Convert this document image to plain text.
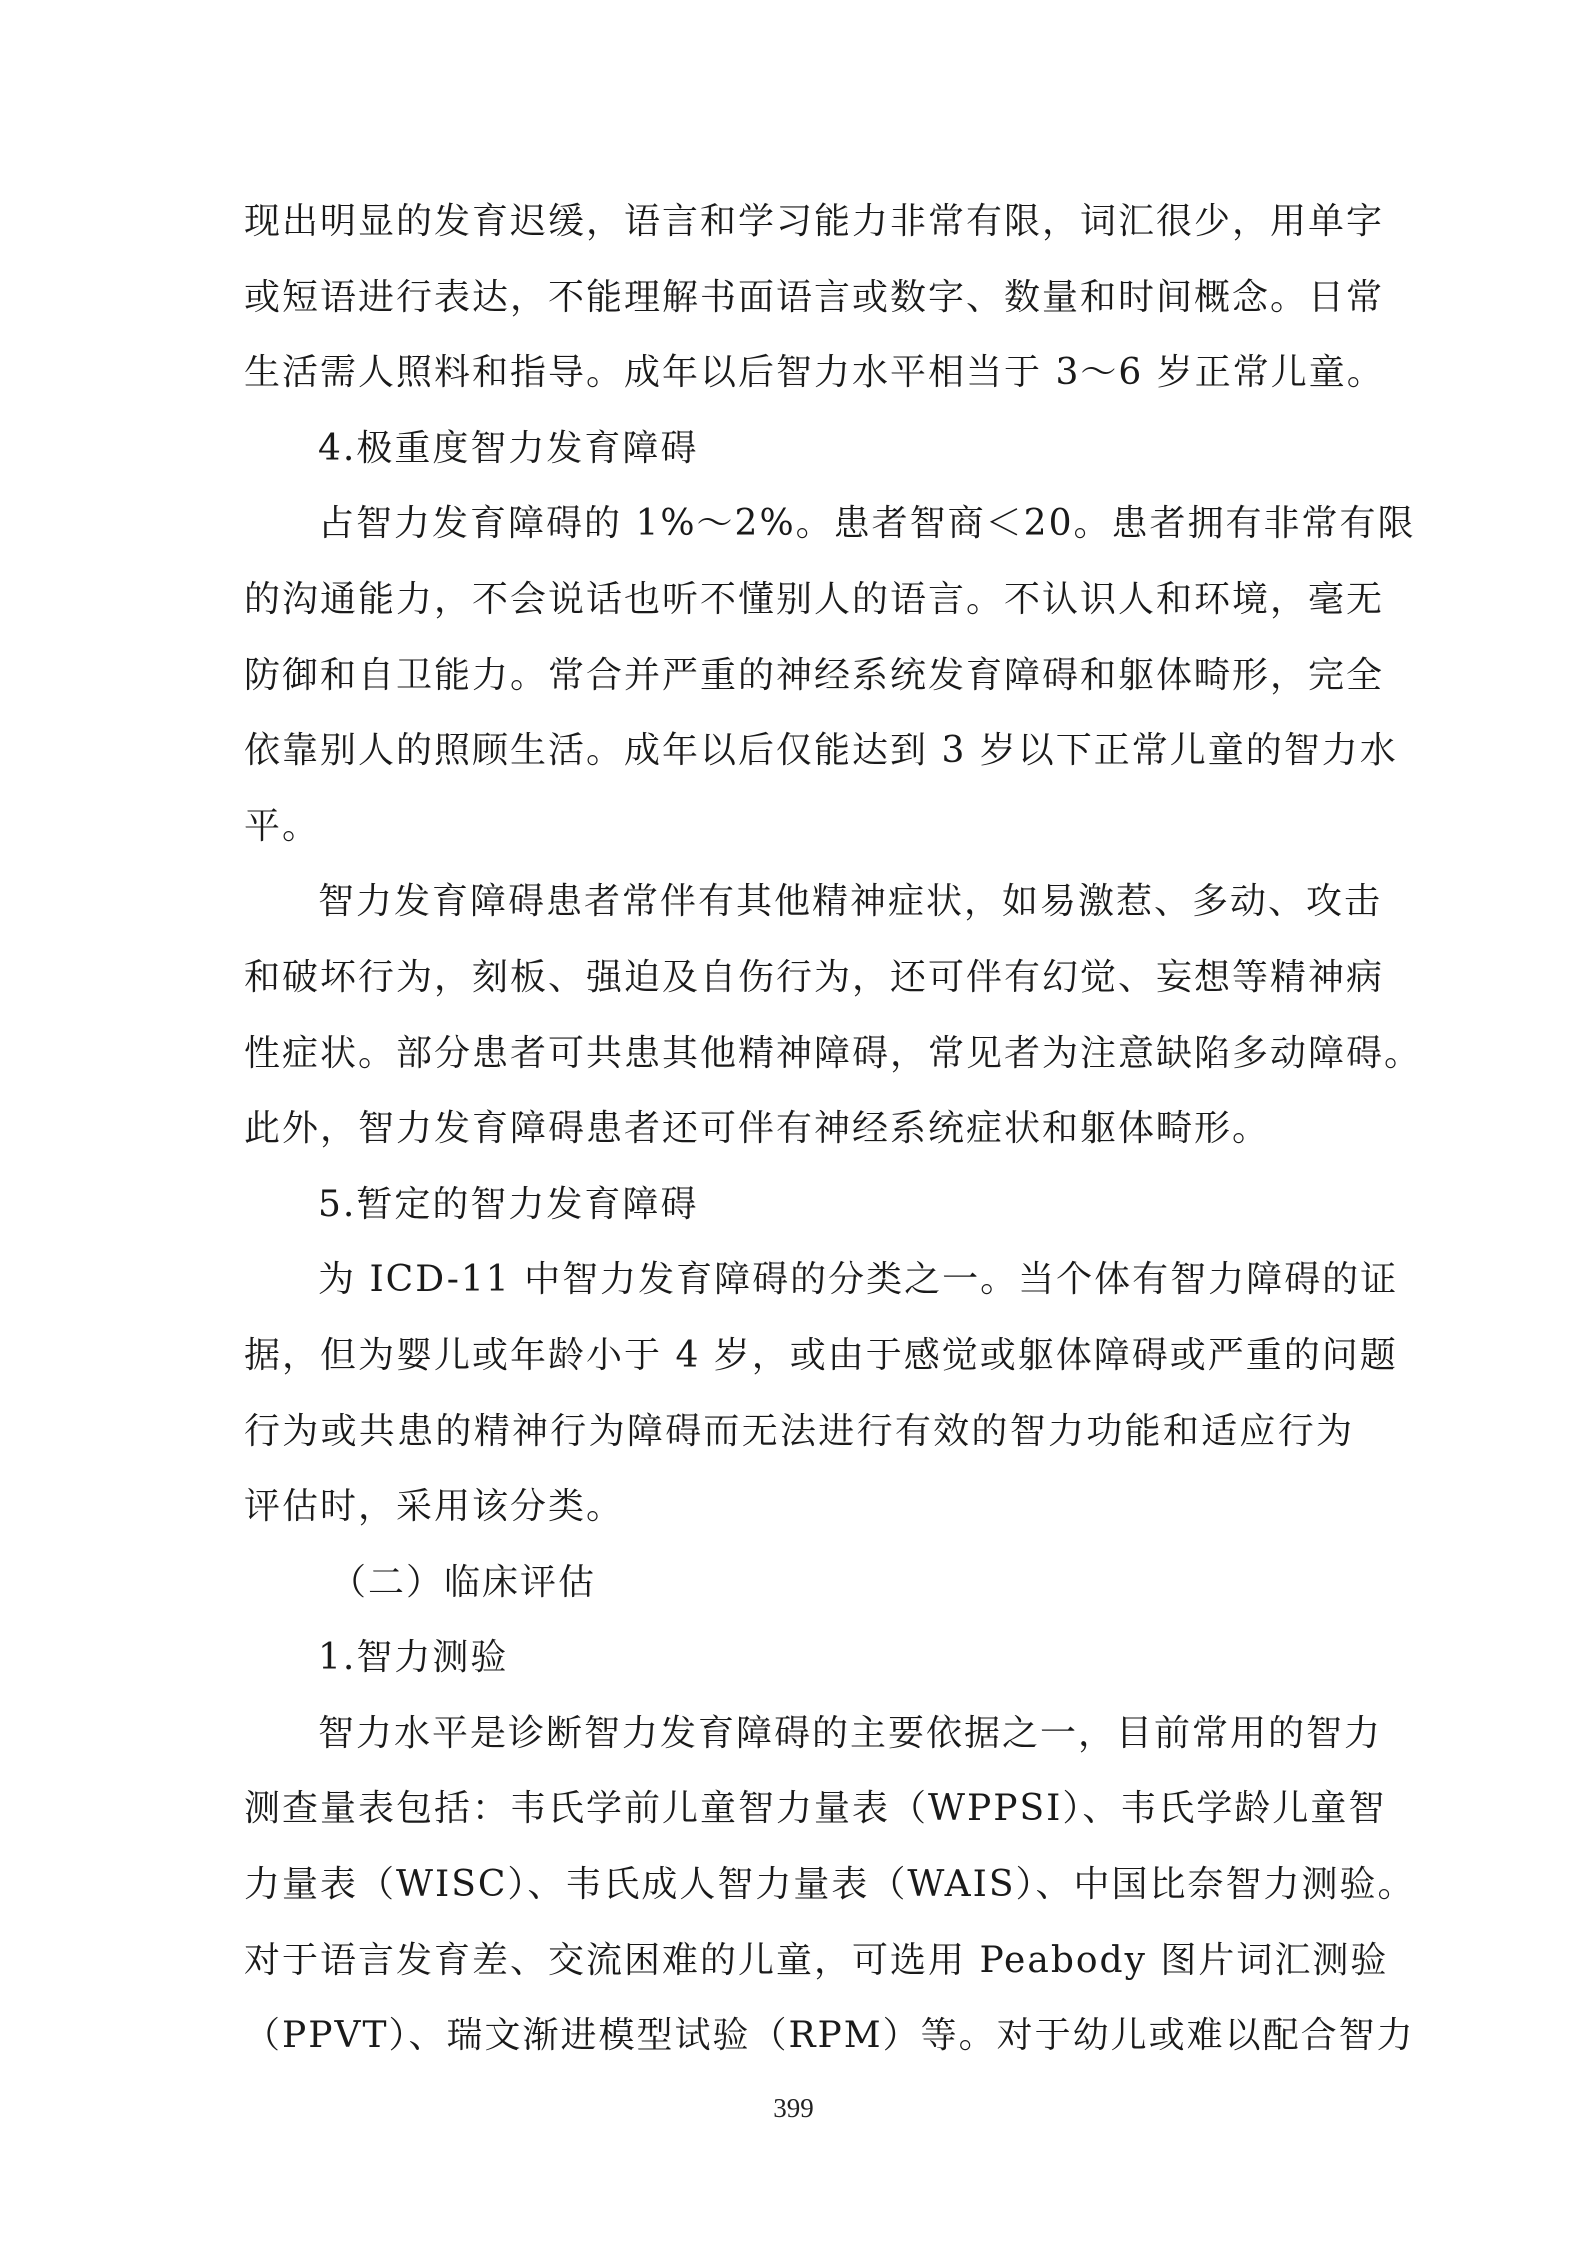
现出明显的发育迟缓，语言和学习能力非常有限，词汇很少，用单字
或短语进行表达，不能理解书面语言或数字、数量和时间概念。日常
生活需人照料和指导。成年以后智力水平相当于 3～6 岁正常儿童。
4.极重度智力发育障碍
占智力发育障碍的 1%～2%。患者智商＜20。患者拥有非常有限
的沟通能力，不会说话也听不懂别人的语言。不认识人和环境，毫无
防御和自卫能力。常合并严重的神经系统发育障碍和躯体畸形，完全
依靠别人的照顾生活。成年以后仅能达到 3 岁以下正常儿童的智力水
平。
智力发育障碍患者常伴有其他精神症状，如易激惹、多动、攻击
和破坏行为，刻板、强迫及自伤行为，还可伴有幻觉、妄想等精神病
性症状。部分患者可共患其他精神障碍，常见者为注意缺陷多动障碍。
此外，智力发育障碍患者还可伴有神经系统症状和躯体畸形。
5.暂定的智力发育障碍
为 ICD-11 中智力发育障碍的分类之一。当个体有智力障碍的证
据，但为婴儿或年龄小于 4 岁，或由于感觉或躯体障碍或严重的问题
行为或共患的精神行为障碍而无法进行有效的智力功能和适应行为
评估时，采用该分类。
（二）临床评估
1.智力测验
智力水平是诊断智力发育障碍的主要依据之一，目前常用的智力
测查量表包括：韦氏学前儿童智力量表（WPPSI）、韦氏学龄儿童智
力量表（WISC）、韦氏成人智力量表（WAIS）、中国比奈智力测验。
对于语言发育差、交流困难的儿童，可选用 Peabody 图片词汇测验
（PPVT）、瑞文渐进模型试验（RPM）等。对于幼儿或难以配合智力
399
